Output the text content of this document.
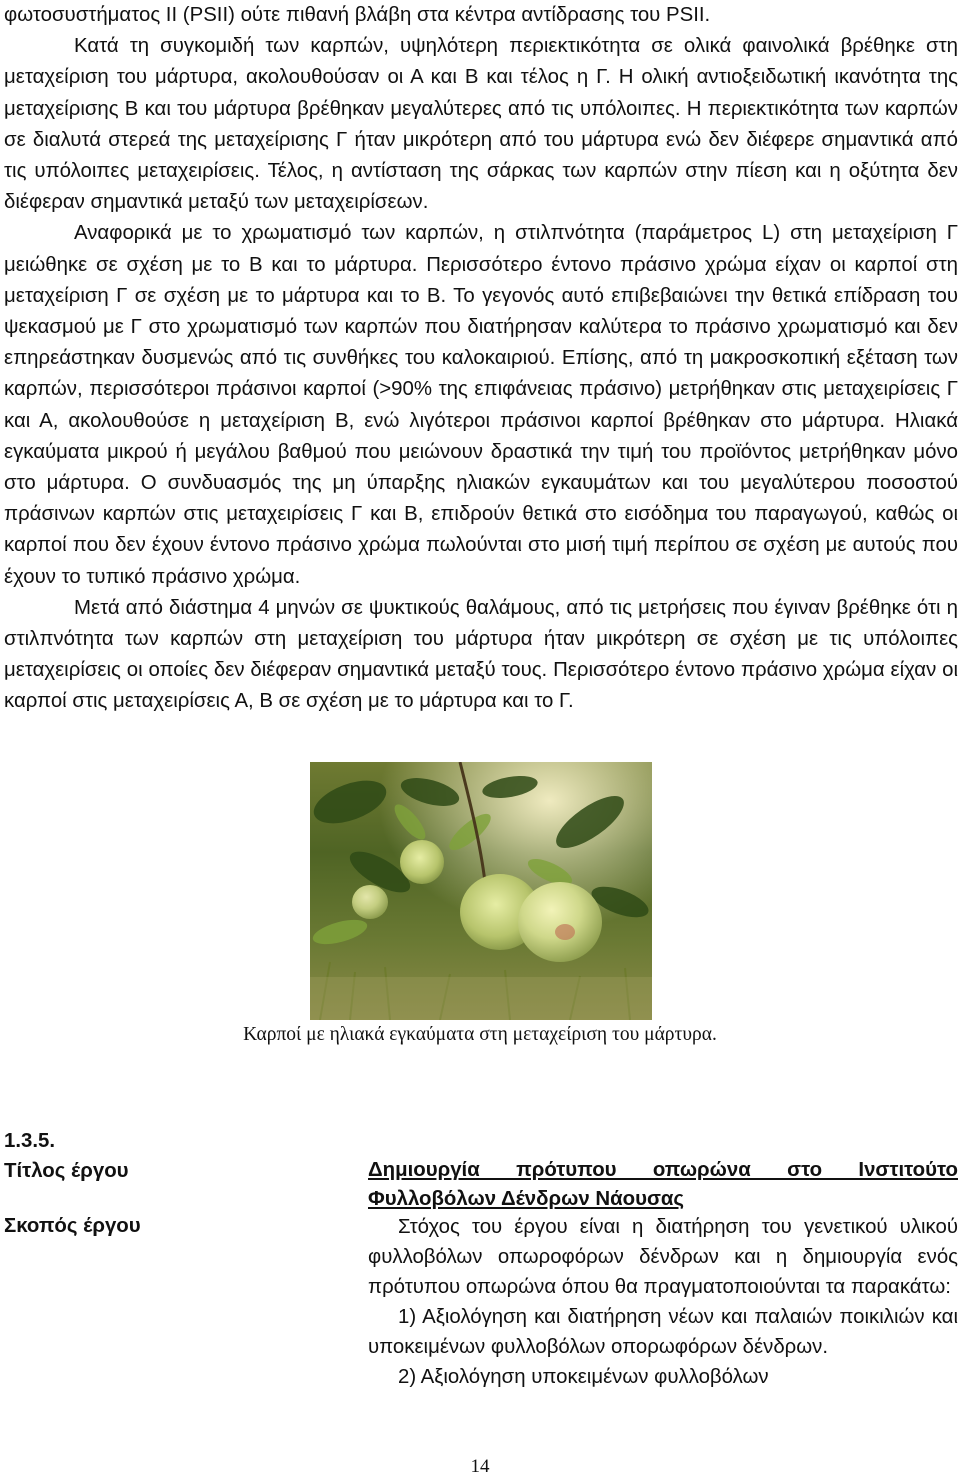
φωτοσυστήματος ΙΙ (PSII) ούτε πιθανή βλάβη στα κέντρα αντίδρασης του PSII.

Κατά τη συγκομιδή των καρπών, υψηλότερη περιεκτικότητα σε ολικά φαινολικά βρέθηκε στη μεταχείριση του μάρτυρα, ακολουθούσαν οι Α και Β και τέλος η Γ. Η ολική αντιοξειδωτική ικανότητα της μεταχείρισης Β και του μάρτυρα βρέθηκαν μεγαλύτερες από τις υπόλοιπες. Η περιεκτικότητα των καρπών σε διαλυτά στερεά της μεταχείρισης Γ ήταν μικρότερη από του μάρτυρα ενώ δεν διέφερε σημαντικά από τις υπόλοιπες μεταχειρίσεις. Τέλος, η αντίσταση της σάρκας των καρπών στην πίεση και η οξύτητα δεν διέφεραν σημαντικά μεταξύ των μεταχειρίσεων.

Αναφορικά με το χρωματισμό των καρπών, η στιλπνότητα (παράμετρος L) στη μεταχείριση Γ μειώθηκε σε σχέση με το Β και το μάρτυρα. Περισσότερο έντονο πράσινο χρώμα είχαν οι καρποί στη μεταχείριση Γ σε σχέση με το μάρτυρα και το Β. Το γεγονός αυτό επιβεβαιώνει την θετικά επίδραση του ψεκασμού με Γ στο χρωματισμό των καρπών που διατήρησαν καλύτερα το πράσινο χρωματισμό και δεν επηρεάστηκαν δυσμενώς από τις συνθήκες του καλοκαιριού. Επίσης, από τη μακροσκοπική εξέταση των καρπών, περισσότεροι πράσινοι καρποί (>90% της επιφάνειας πράσινο) μετρήθηκαν στις μεταχειρίσεις Γ και Α, ακολουθούσε η μεταχείριση Β, ενώ λιγότεροι πράσινοι καρποί βρέθηκαν στο μάρτυρα. Ηλιακά εγκαύματα μικρού ή μεγάλου βαθμού που μειώνουν δραστικά την τιμή του προϊόντος μετρήθηκαν μόνο στο μάρτυρα. Ο συνδυασμός της μη ύπαρξης ηλιακών εγκαυμάτων και του μεγαλύτερου ποσοστού πράσινων καρπών στις μεταχειρίσεις Γ και Β, επιδρούν θετικά στο εισόδημα του παραγωγού, καθώς οι καρποί που δεν έχουν έντονο πράσινο χρώμα πωλούνται στο μισή τιμή περίπου σε σχέση με αυτούς που έχουν το τυπικό πράσινο χρώμα.

Μετά από διάστημα 4 μηνών σε ψυκτικούς θαλάμους, από τις μετρήσεις που έγιναν βρέθηκε ότι η στιλπνότητα των καρπών στη μεταχείριση του μάρτυρα ήταν μικρότερη σε σχέση με τις υπόλοιπες μεταχειρίσεις οι οποίες δεν διέφεραν σημαντικά μεταξύ τους. Περισσότερο έντονο πράσινο χρώμα είχαν οι καρποί στις μεταχειρίσεις Α, Β σε σχέση με το μάρτυρα και το Γ.

Καρποί με ηλιακά εγκαύματα στη μεταχείριση του μάρτυρα.
1.3.5.
Τίτλος έργου	Δημιουργία πρότυπου οπωρώνα στο Ινστιτούτο Φυλλοβόλων Δένδρων Νάουσας
Σκοπός έργου	Στόχος του έργου είναι η διατήρηση του γενετικού υλικού φυλλοβόλων οπωροφόρων δένδρων και η δημιουργία ενός πρότυπου οπωρώνα όπου θα πραγματοποιούνται τα παρακάτω:

1) Αξιολόγηση και διατήρηση νέων και παλαιών ποικιλιών και υποκειμένων φυλλοβόλων οπορωφόρων δένδρων.

2) Αξιολόγηση υποκειμένων φυλλοβόλων

14
